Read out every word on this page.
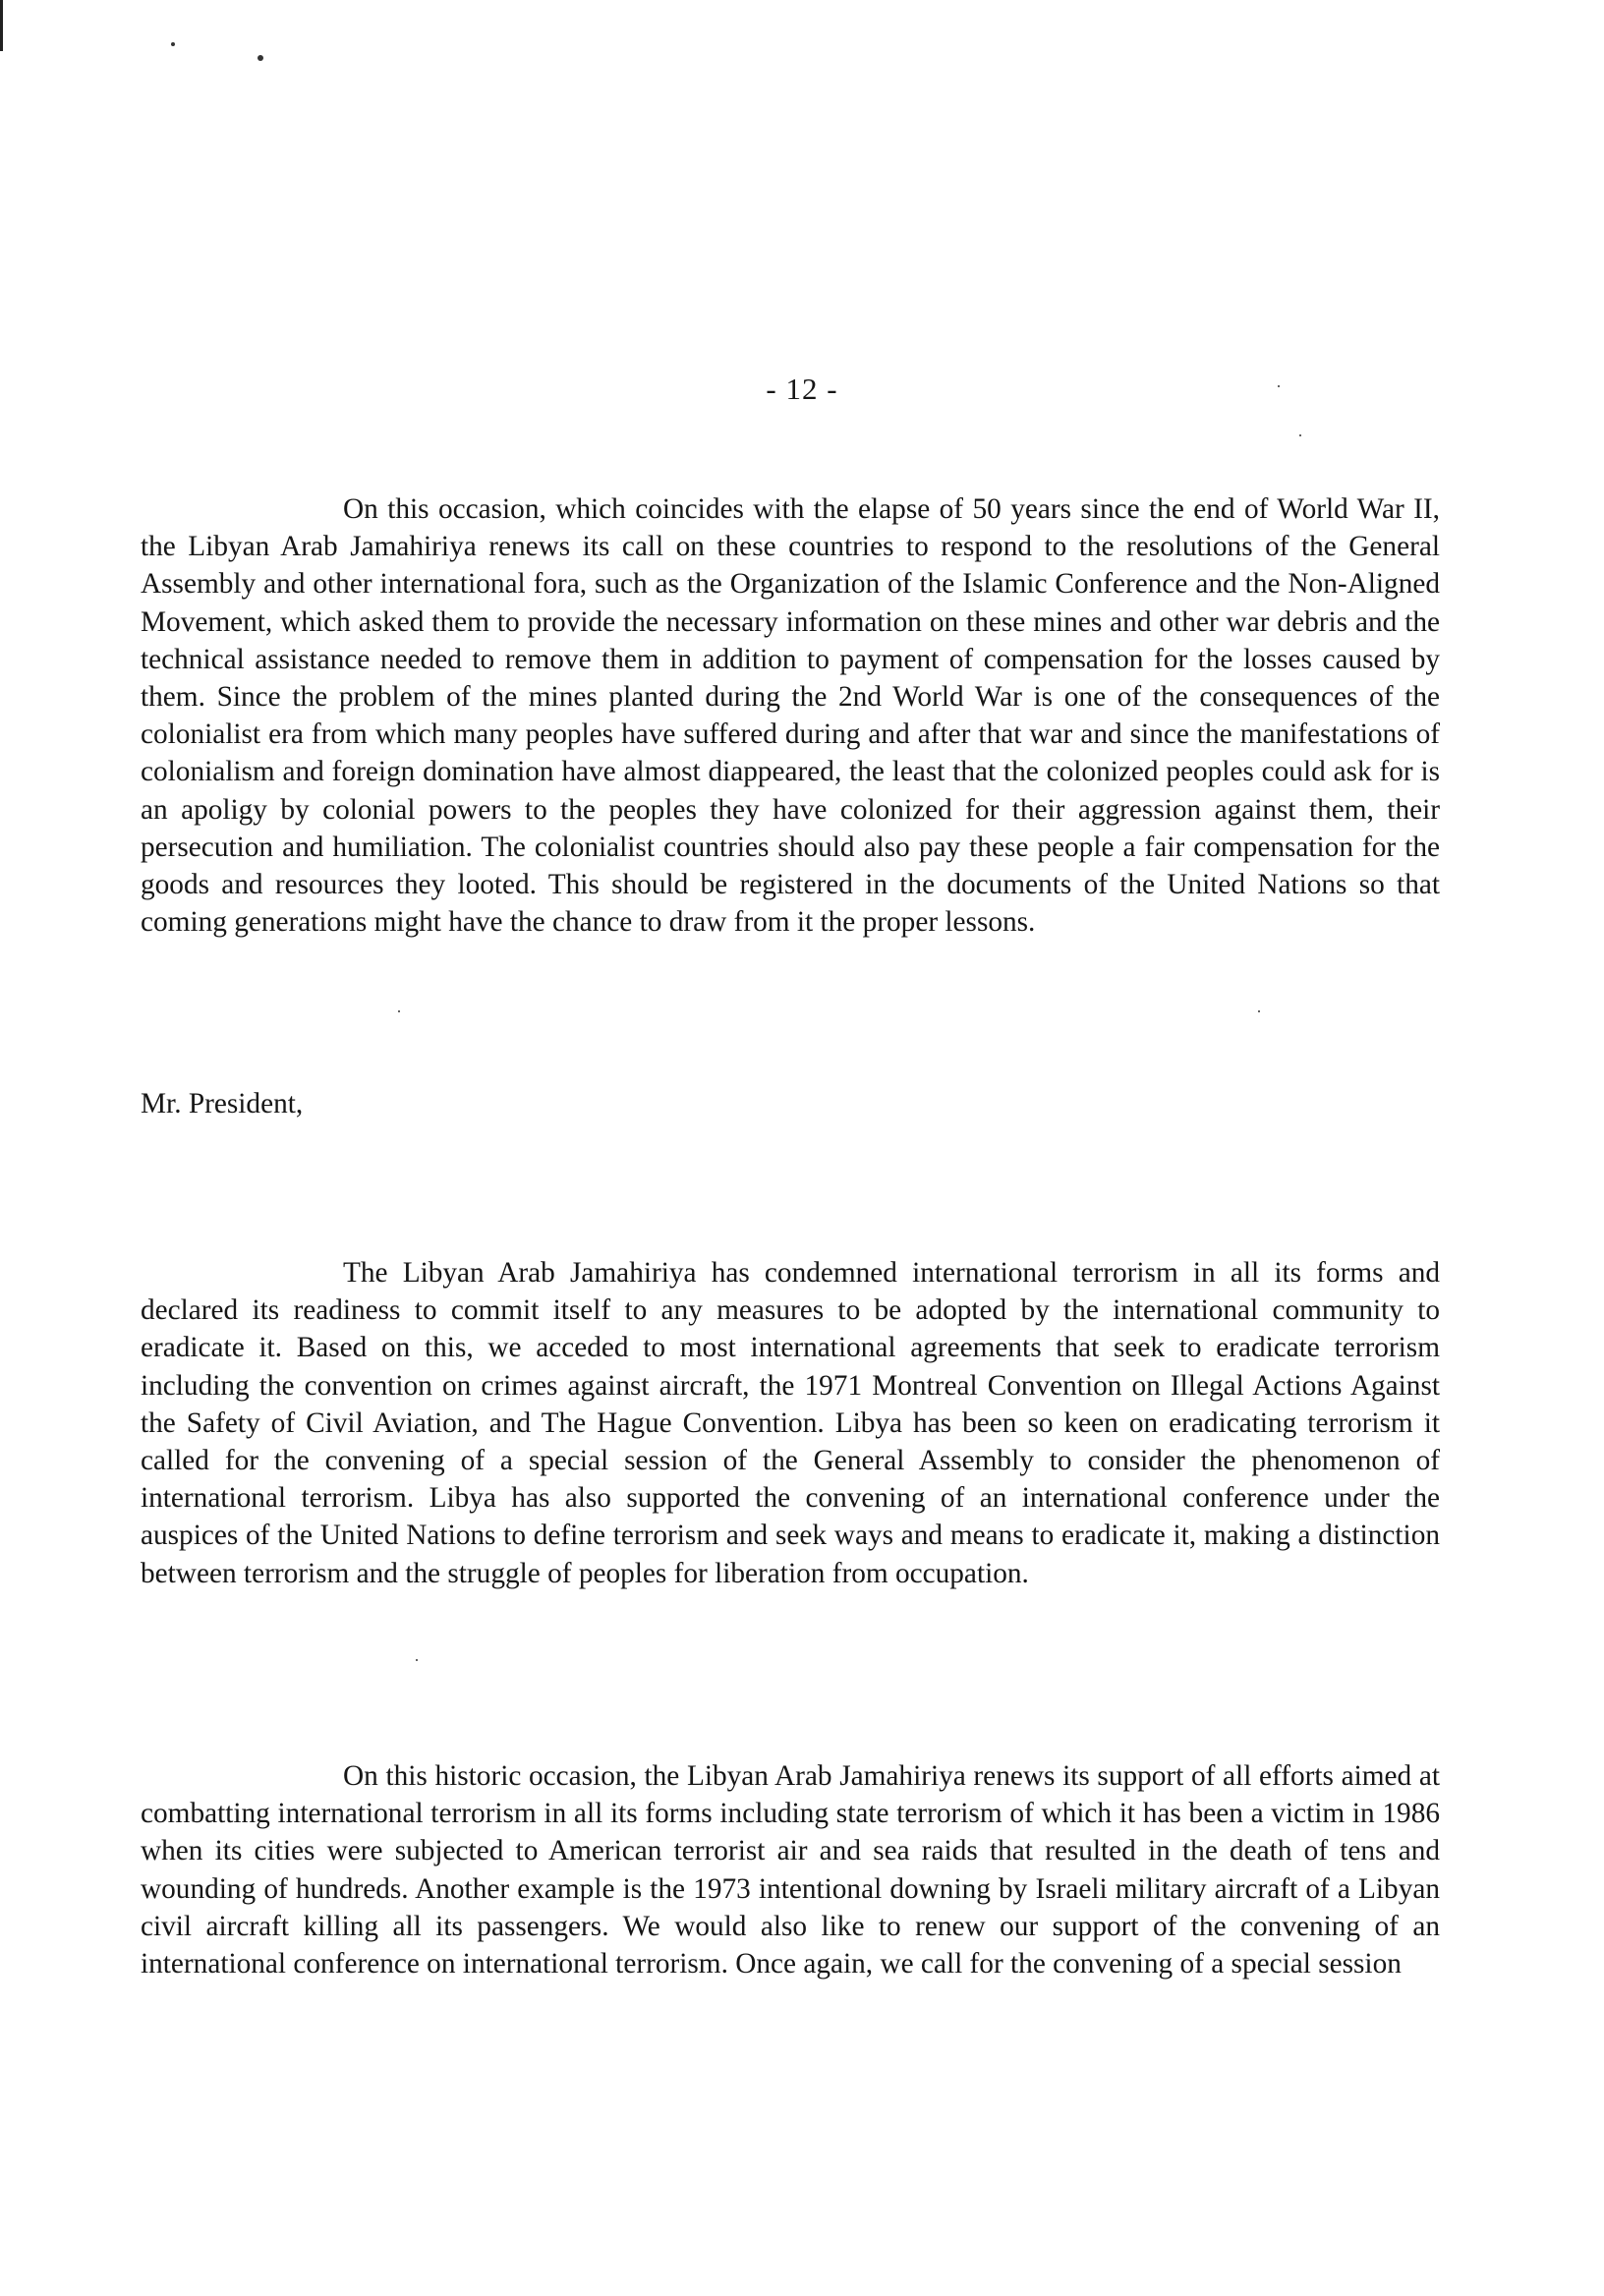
- 12 -

On this occasion, which coincides with the elapse of 50 years since the end of World War II, the Libyan Arab Jamahiriya renews its call on these countries to respond to the resolutions of the General Assembly and other international fora, such as the Organization of the Islamic Conference and the Non-Aligned Movement, which asked them to provide the necessary information on these mines and other war debris and the technical assistance needed to remove them in addition to payment of compensation for the losses caused by them. Since the problem of the mines planted during the 2nd World War is one of the consequences of the colonialist era from which many peoples have suffered during and after that war and since the manifestations of colonialism and foreign domination have almost diappeared, the least that the colonized peoples could ask for is an apoligy by colonial powers to the peoples they have colonized for their aggression against them, their persecution and humiliation. The colonialist countries should also pay these people a fair compensation for the goods and resources they looted. This should be registered in the documents of the United Nations so that coming generations might have the chance to draw from it the proper lessons.

Mr. President,

The Libyan Arab Jamahiriya has condemned international terrorism in all its forms and declared its readiness to commit itself to any measures to be adopted by the international community to eradicate it. Based on this, we acceded to most international agreements that seek to eradicate terrorism including the convention on crimes against aircraft, the 1971 Montreal Convention on Illegal Actions Against the Safety of Civil Aviation, and The Hague Convention. Libya has been so keen on eradicating terrorism it called for the convening of a special session of the General Assembly to consider the phenomenon of international terrorism. Libya has also supported the convening of an international conference under the auspices of the United Nations to define terrorism and seek ways and means to eradicate it, making a distinction between terrorism and the struggle of peoples for liberation from occupation.

On this historic occasion, the Libyan Arab Jamahiriya renews its support of all efforts aimed at combatting international terrorism in all its forms including state terrorism of which it has been a victim in 1986 when its cities were subjected to American terrorist air and sea raids that resulted in the death of tens and wounding of hundreds. Another example is the 1973 intentional downing by Israeli military aircraft of a Libyan civil aircraft killing all its passengers. We would also like to renew our support of the convening of an international conference on international terrorism. Once again, we call for the convening of a special session
